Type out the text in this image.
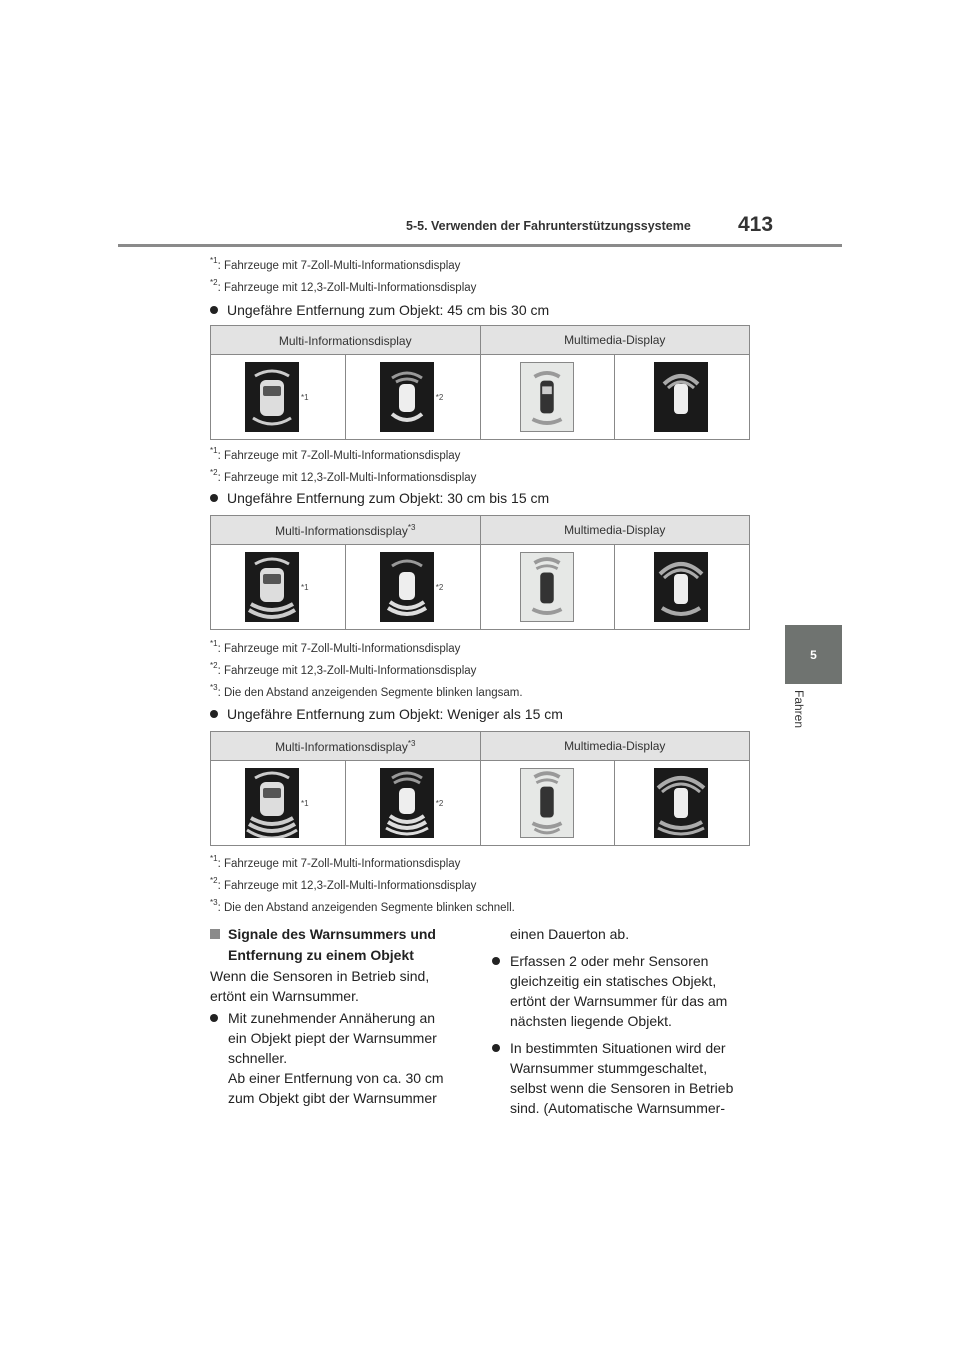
5-5. Verwenden der Fahrunterstützungssysteme 413
5
Fahren
$^{*1}$: Fahrzeuge mit 7-Zoll-Multi-Informationsdisplay
$^{*2}$: Fahrzeuge mit 12,3-Zoll-Multi-Informationsdisplay
Ungefähre Entfernung zum Objekt: 45 cm bis 30 cm
Multi-Informationsdisplay		Multimedia-Display	

*1	*2

$^{*1}$: Fahrzeuge mit 7-Zoll-Multi-Informationsdisplay
$^{*2}$: Fahrzeuge mit 12,3-Zoll-Multi-Informationsdisplay
Ungefähre Entfernung zum Objekt: 30 cm bis 15 cm
Multi-Informationsdisplay$^{*3}$		Multimedia-Display	

*1	*2

$^{*1}$: Fahrzeuge mit 7-Zoll-Multi-Informationsdisplay
$^{*2}$: Fahrzeuge mit 12,3-Zoll-Multi-Informationsdisplay
$^{*3}$: Die den Abstand anzeigenden Segmente blinken langsam.
Ungefähre Entfernung zum Objekt: Weniger als 15 cm
Multi-Informationsdisplay$^{*3}$		Multimedia-Display	

*1	*2

$^{*1}$: Fahrzeuge mit 7-Zoll-Multi-Informationsdisplay
$^{*2}$: Fahrzeuge mit 12,3-Zoll-Multi-Informationsdisplay
$^{*3}$: Die den Abstand anzeigenden Segmente blinken schnell.
Signale des Warnsummers und
Entfernung zu einem Objekt
Wenn die Sensoren in Betrieb sind,
ertönt ein Warnsummer.
Mit zunehmender Annäherung an
ein Objekt piept der Warnsummer
schneller.
Ab einer Entfernung von ca. 30 cm
zum Objekt gibt der Warnsummer
einen Dauerton ab.
Erfassen 2 oder mehr Sensoren
gleichzeitig ein statisches Objekt,
ertönt der Warnsummer für das am
nächsten liegende Objekt.
In bestimmten Situationen wird der
Warnsummer stummgeschaltet,
selbst wenn die Sensoren in Betrieb
sind. (Automatische Warnsummer-
